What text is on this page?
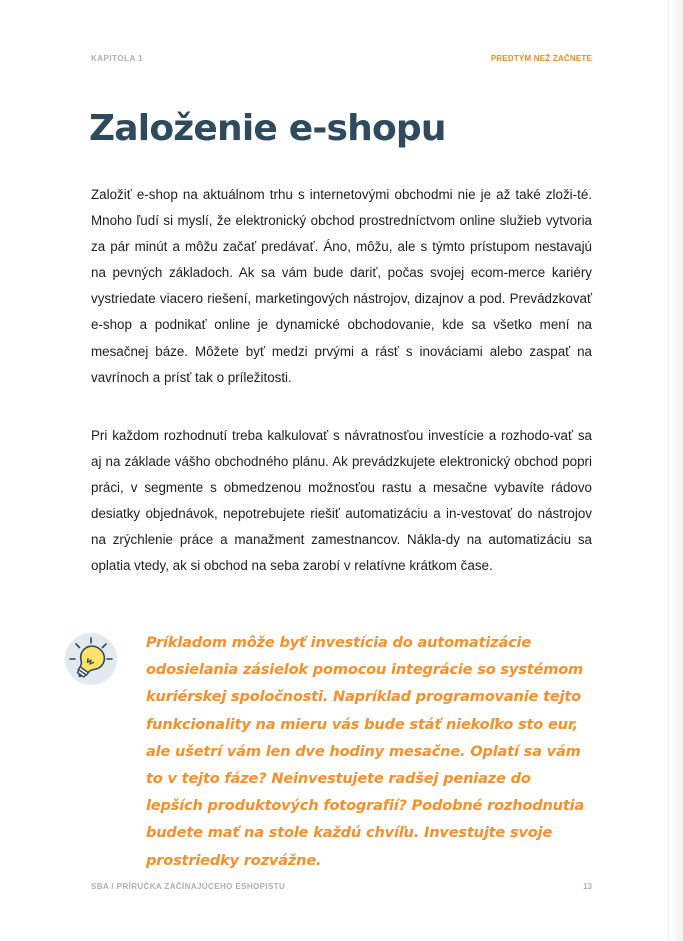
KAPITOLA 1	PREDTÝM NEŽ ZAČNETE
Založenie e-shopu

Založiť e-shop na aktuálnom trhu s internetovými obchodmi nie je až také zloži-té. Mnoho ľudí si myslí, že elektronický obchod prostredníctvom online služieb vytvoria za pár minút a môžu začať predávať. Áno, môžu, ale s týmto prístupom nestavajú na pevných základoch. Ak sa vám bude dariť, počas svojej ecom-merce kariéry vystriedate viacero riešení, marketingových nástrojov, dizajnov a pod. Prevádzkovať e-shop a podnikať online je dynamické obchodovanie, kde sa všetko mení na mesačnej báze. Môžete byť medzi prvými a rásť s inováciami alebo zaspať na vavrínoch a prísť tak o príležitosti.

Pri každom rozhodnutí treba kalkulovať s návratnosťou investície a rozhodo-vať sa aj na základe vášho obchodného plánu. Ak prevádzkujete elektronický obchod popri práci, v segmente s obmedzenou možnosťou rastu a mesačne vybavíte rádovo desiatky objednávok, nepotrebujete riešiť automatizáciu a in-vestovať do nástrojov na zrýchlenie práce a manažment zamestnancov. Nákla-dy na automatizáciu sa oplatia vtedy, ak si obchod na seba zarobí v relatívne krátkom čase.

Príkladom môže byť investícia do automatizácie odosielania zásielok pomocou integrácie so systémom kuriérskej spoločnosti. Napríklad programovanie tejto funkcionality na mieru vás bude stáť niekoľko sto eur, ale ušetrí vám len dve hodiny mesačne. Oplatí sa vám to v tejto fáze? Neinvestujete radšej peniaze do lepších produktových fotografií? Podobné rozhodnutia budete mať na stole každú chvíľu. Investujte svoje prostriedky rozvážne.

SBA / PRÍRUČKA ZAČÍNAJÚCEHO ESHOPISTU	13
